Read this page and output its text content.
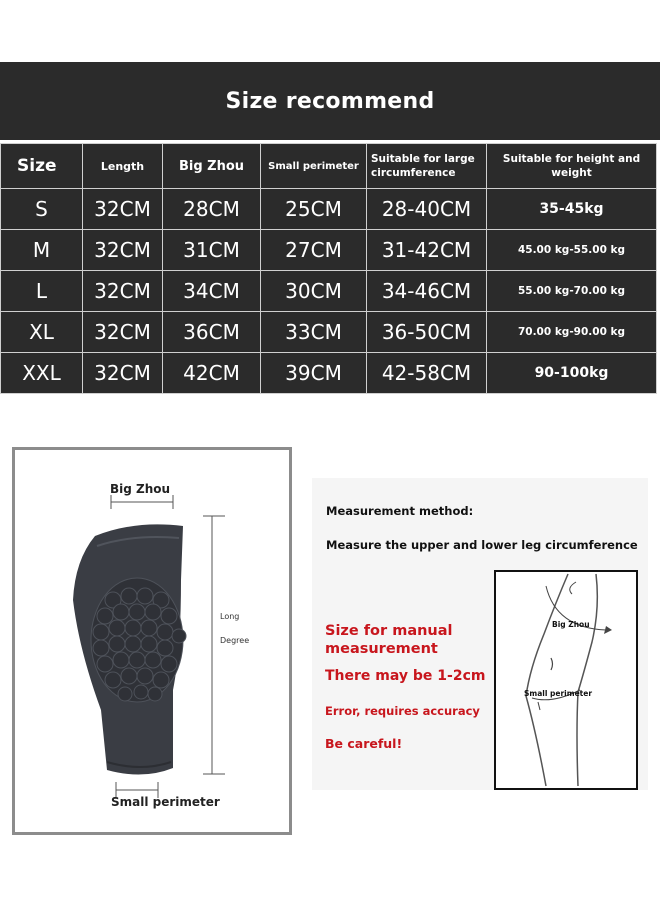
Size recommend
Size	Length	Big Zhou	Small perimeter	Suitable for large circumference	Suitable for height and weight
S	32CM	28CM	25CM	28-40CM	35-45kg
M	32CM	31CM	27CM	31-42CM	45.00 kg-55.00 kg
L	32CM	34CM	30CM	34-46CM	55.00 kg-70.00 kg
XL	32CM	36CM	33CM	36-50CM	70.00 kg-90.00 kg
XXL	32CM	42CM	39CM	42-58CM	90-100kg
Big Zhou
Long
Degree
Small perimeter
Measurement method:
Measure the upper and lower leg circumference
Size for manual
measurement
There may be 1-2cm
Error, requires accuracy
Be careful!
Big Zhou
Small perimeter
